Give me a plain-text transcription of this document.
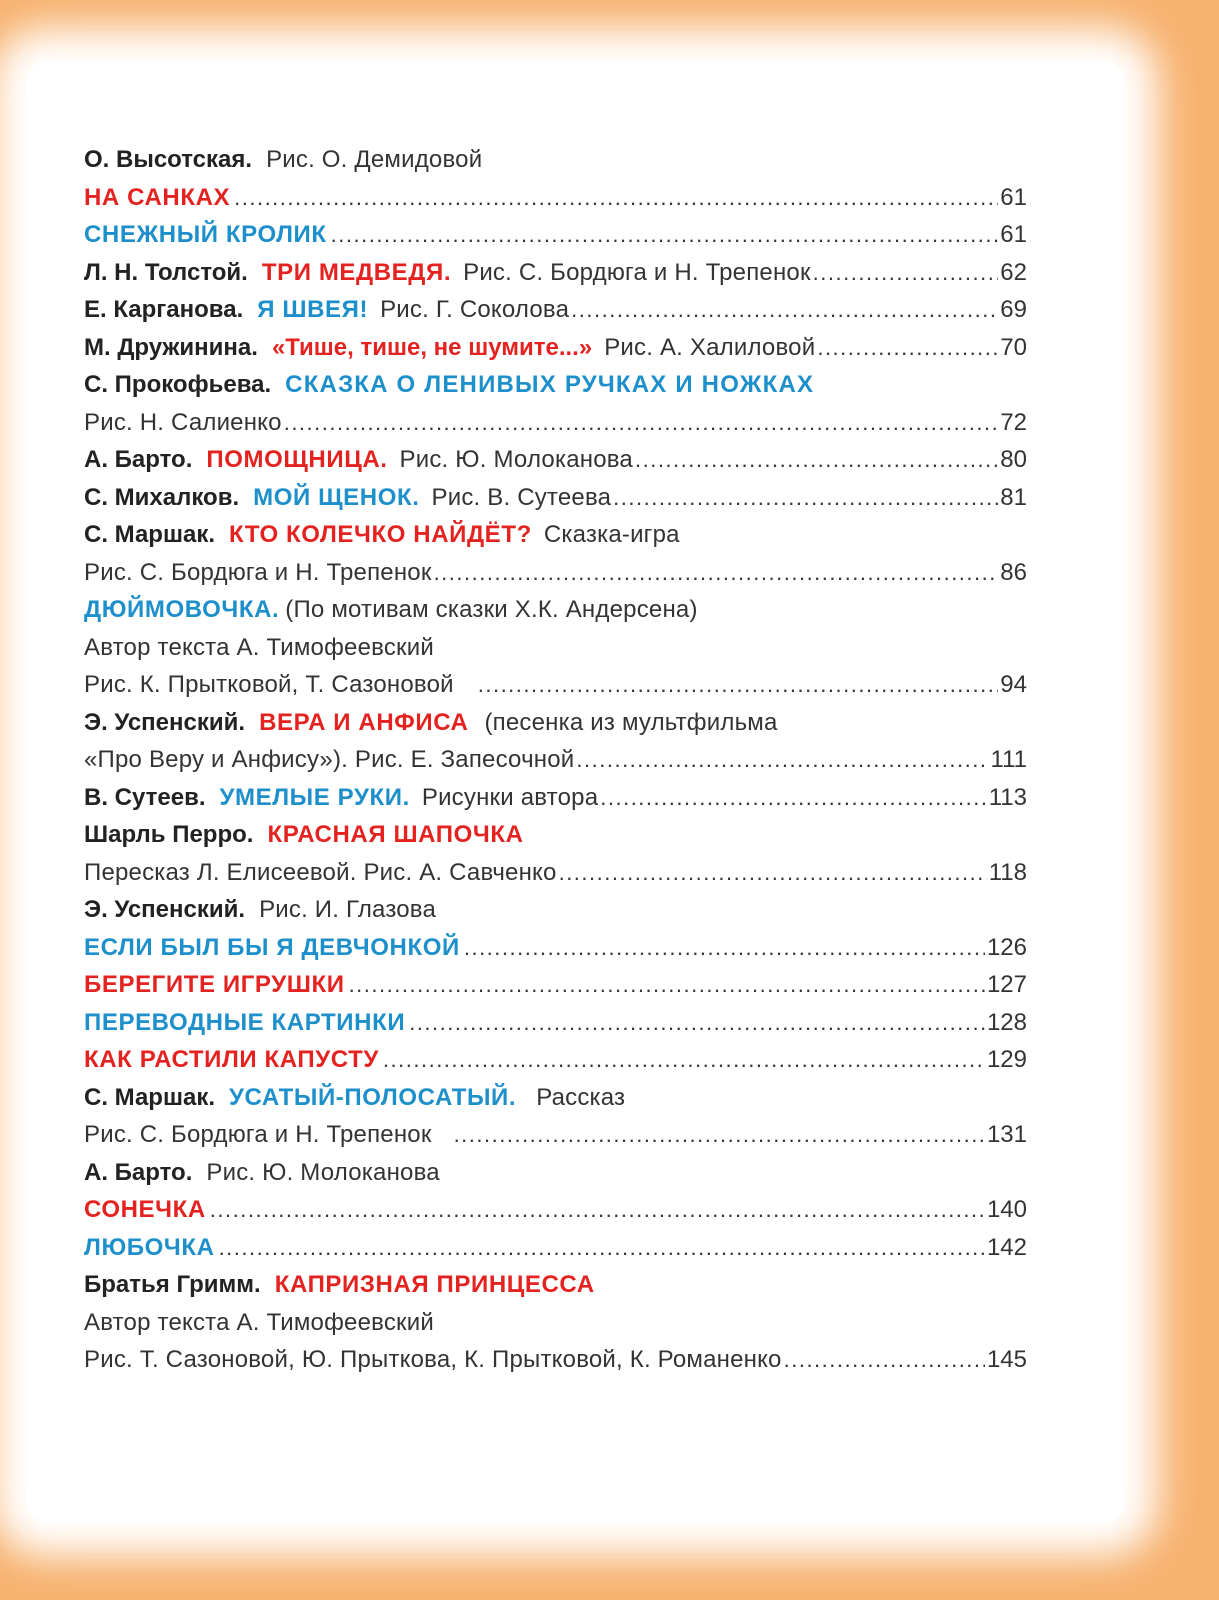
О. Высотская. Рис. О. Демидовой
НА САНКАХ .....	61
СНЕЖНЫЙ КРОЛИК .....	61
Л. Н. Толстой. ТРИ МЕДВЕДЯ. Рис. С. Бордюга и Н. Трепенок .....	62
Е. Карганова. Я ШВЕЯ! Рис. Г. Соколова .....	69
М. Дружинина. «Тише, тише, не шумите...» Рис. А. Халиловой .....	70
С. Прокофьева. СКАЗКА О ЛЕНИВЫХ РУЧКАХ И НОЖКАХ
Рис. Н. Салиенко .....	72
А. Барто. ПОМОЩНИЦА. Рис. Ю. Молоканова .....	80
С. Михалков. МОЙ ЩЕНОК. Рис. В. Сутеева .....	81
С. Маршак. КТО КОЛЕЧКО НАЙДЁТ? Сказка-игра
Рис. С. Бордюга и Н. Трепенок .....	86
ДЮЙМОВОЧКА. (По мотивам сказки Х.К. Андерсена)
Автор текста А. Тимофеевский
Рис. К. Прытковой, Т. Сазоновой .....	94
Э. Успенский. ВЕРА И АНФИСА (песенка из мультфильма
«Про Веру и Анфису»). Рис. Е. Запесочной .....	111
В. Сутеев. УМЕЛЫЕ РУКИ. Рисунки автора .....	113
Шарль Перро. КРАСНАЯ ШАПОЧКА
Пересказ Л. Елисеевой. Рис. А. Савченко .....	118
Э. Успенский. Рис. И. Глазова
ЕСЛИ БЫЛ БЫ Я ДЕВЧОНКОЙ .....	126
БЕРЕГИТЕ ИГРУШКИ .....	127
ПЕРЕВОДНЫЕ КАРТИНКИ .....	128
КАК РАСТИЛИ КАПУСТУ .....	129
С. Маршак. УСАТЫЙ-ПОЛОСАТЫЙ. Рассказ
Рис. С. Бордюга и Н. Трепенок .....	131
А. Барто. Рис. Ю. Молоканова
СОНЕЧКА .....	140
ЛЮБОЧКА .....	142
Братья Гримм. КАПРИЗНАЯ ПРИНЦЕССА
Автор текста А. Тимофеевский
Рис. Т. Сазоновой, Ю. Прыткова, К. Прытковой, К. Романенко .....	145
